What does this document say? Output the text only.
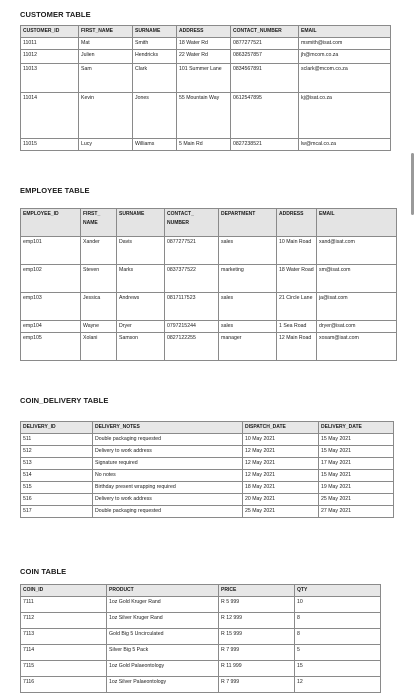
CUSTOMER TABLE
CUSTOMER_ID	FIRST_NAME	SURNAME	ADDRESS	CONTACT_NUMBER	EMAIL
11011	Mat	Smith	18 Water Rd	0877277521	msmith@isat.com
11012	Julien	Hendricks	22 Water Rd	0863257857	jh@mcom.co.za
11013	Sam	Clark	101 Summer Lane	0834567891	sclark@mcom.co.za
11014	Kevin	Jones	55 Mountain Way	0612547895	kj@isat.co.za
11015	Lucy	Williams	5 Main Rd	0827238521	lw@mcal.co.za
EMPLOYEE TABLE
EMPLOYEE_ID	FIRST_ NAME	SURNAME	CONTACT_ NUMBER	DEPARTMENT	ADDRESS	EMAIL
emp101	Xander	Davis	0877277521	sales	10 Main Road	xand@isat.com
emp102	Steven	Marks	0837377522	marketing	18 Water Road	sm@isat.com
emp103	Jessica	Andrews	0817117523	sales	21 Circle Lane	ja@isat.com
emp104	Wayne	Dryer	0797215244	sales	1 Sea Road	dryer@isat.com
emp105	Xolani	Samson	0827122255	manager	12 Main Road	xosam@isat.com
COIN_DELIVERY TABLE
DELIVERY_ID	DELIVERY_NOTES	DISPATCH_DATE	DELIVERY_DATE
511	Double packaging requested	10 May 2021	15 May 2021
512	Delivery to work address	12 May 2021	15 May 2021
513	Signature required	12 May 2021	17 May 2021
514	No notes	12 May 2021	15 May 2021
515	Birthday present wrapping required	18 May 2021	19 May 2021
516	Delivery to work address	20 May 2021	25 May 2021
517	Double packaging requested	25 May 2021	27 May 2021
COIN TABLE
COIN_ID	PRODUCT	PRICE	QTY
7111	1oz Gold Kruger Rand	R 5 999	10
7112	1oz Silver Kruger Rand	R 12 999	8
7113	Gold Big 5 Uncirculated	R 15 999	8
7114	Silver Big 5 Pack	R 7 999	5
7115	1oz Gold Palaeontology	R 11 999	15
7116	1oz Silver Palaeontology	R 7 999	12
